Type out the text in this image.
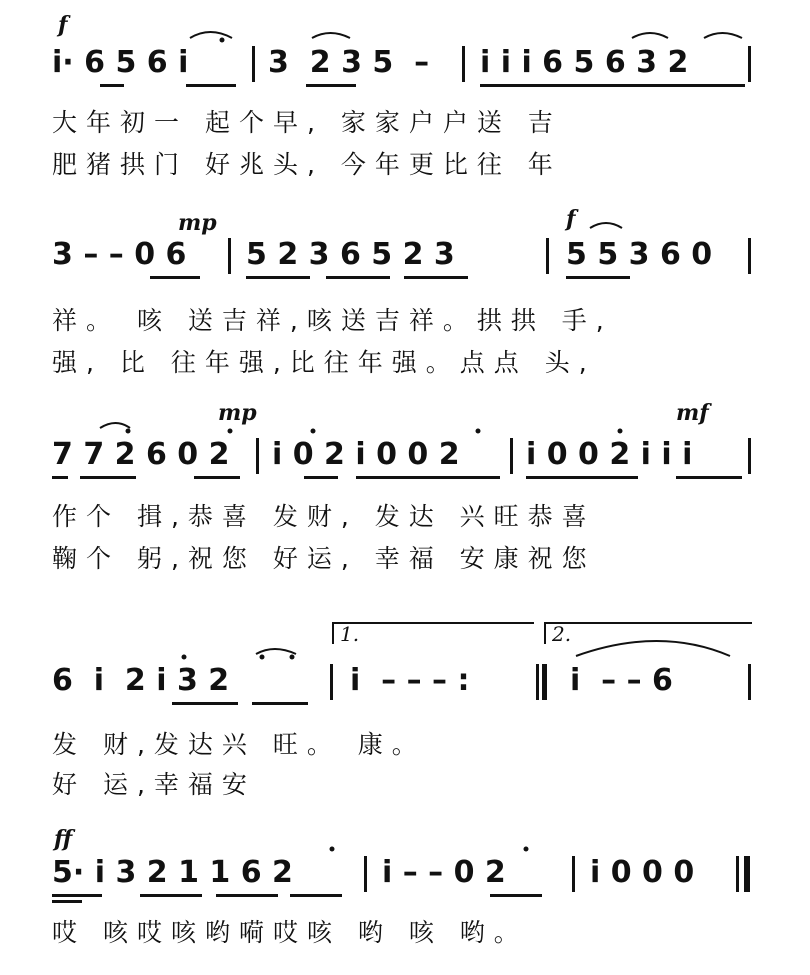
f
i· 6 5 6 i	3  2 3 5  – i i i 6 5 6 3 2
大年初一 起个早, 家家户户送 吉
肥猪拱门 好兆头, 今年更比往 年
mp	f
3 – – 0 6 5 2 3 6 5 2 3	5 5 3 6 0
祥。 咳 送吉祥,咳送吉祥。拱拱 手,
强, 比 往年强,比往年强。点点 头,
mp	mf
7 7 2 6 0 2 i 0 2 i 0 0 2 i 0 0 2 i i i
作个 揖,恭喜 发财, 发达 兴旺恭喜
鞠个 躬,祝您 好运, 幸福 安康祝您
1.	2.
6  i  2 i 3 2	i  – – – :	i  – – 6
发 财,发达兴 旺。 康。
好 运,幸福安
ff
5· i 3 2 1 1 6 2	i – – 0 2	i 0 0 0
哎 咳哎咳哟嗬哎咳 哟 咳 哟。
